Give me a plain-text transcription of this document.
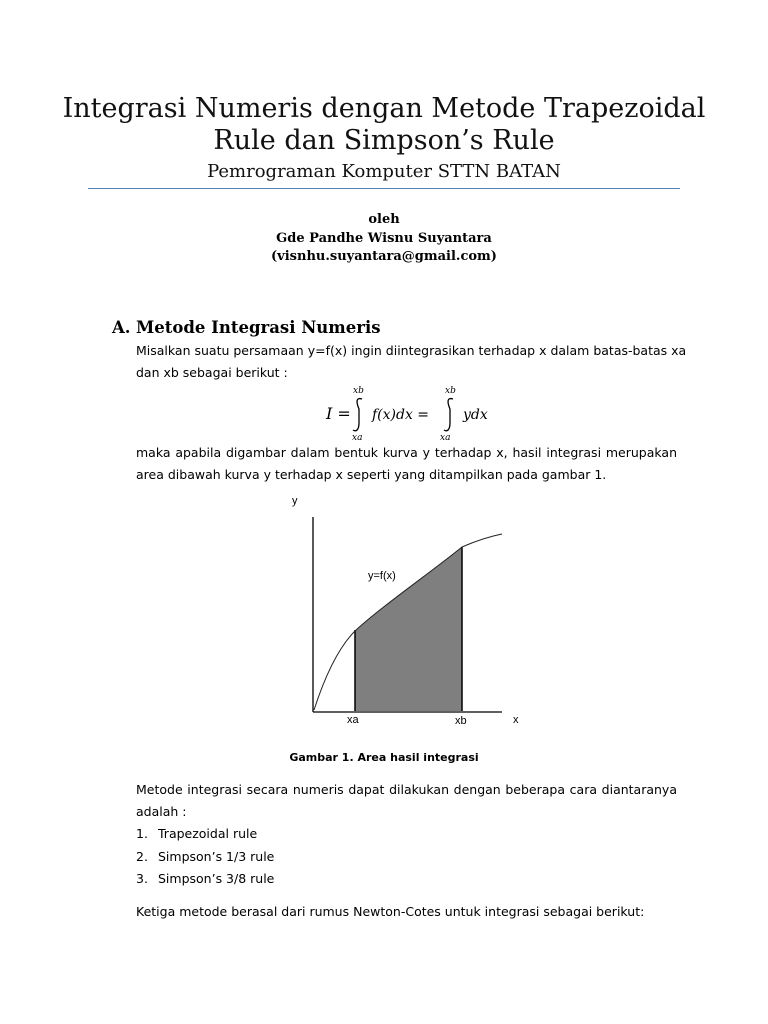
Integrasi Numeris dengan Metode Trapezoidal
Rule dan Simpson’s Rule
Pemrograman Komputer STTN BATAN
oleh
Gde Pandhe Wisnu Suyantara
(visnhu.suyantara@gmail.com)
A. Metode Integrasi Numeris
Misalkan suatu persamaan y=f(x) ingin diintegrasikan terhadap x dalam batas-batas xa
dan xb sebagai berikut :
I =
xb
xa
f(x)dx =
xb
xa
ydx
maka apabila digambar dalam bentuk kurva y terhadap x, hasil integrasi merupakan
area dibawah kurva y terhadap x seperti yang ditampilkan pada gambar 1.
y
x
y=f(x)
xa	xb
Gambar 1. Area hasil integrasi
Metode integrasi secara numeris dapat dilakukan dengan beberapa cara diantaranya
adalah :
1. Trapezoidal rule
2. Simpson’s 1/3 rule
3. Simpson’s 3/8 rule
Ketiga metode berasal dari rumus Newton-Cotes untuk integrasi sebagai berikut:
